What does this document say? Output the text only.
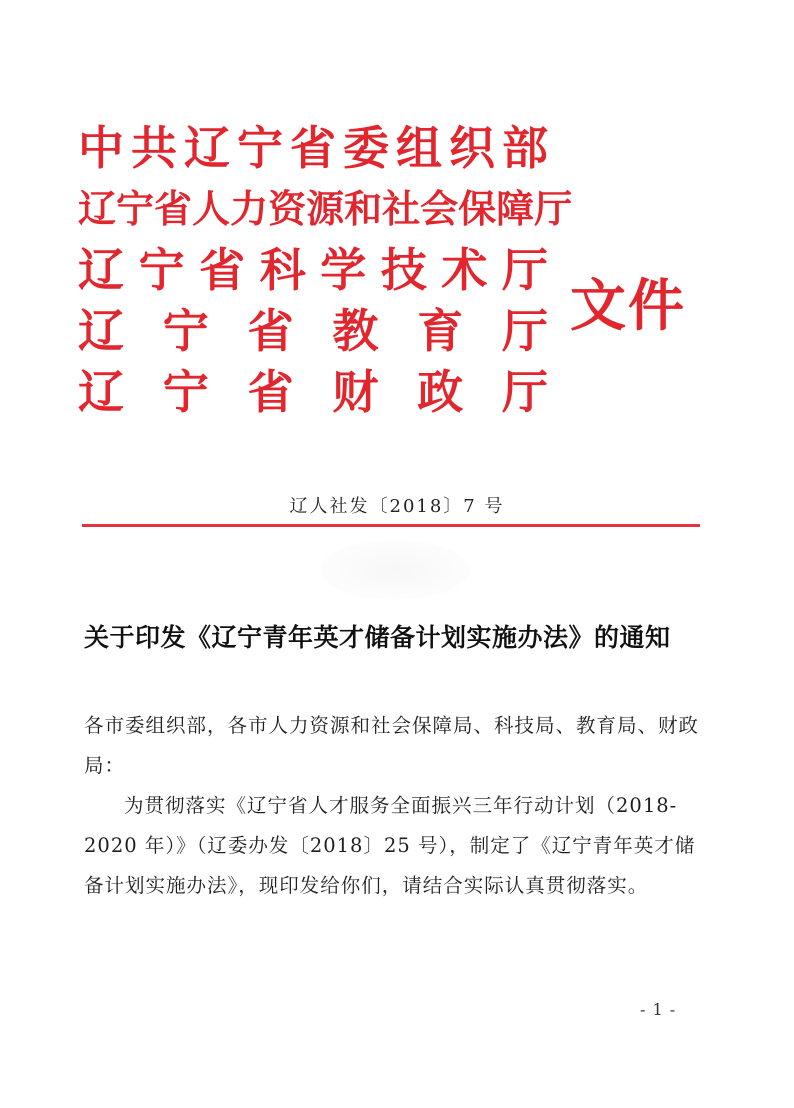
中 共 辽 宁 省 委 组 织 部
辽 宁 省 人 力 资 源 和 社 会 保 障 厅
辽 宁 省 科 学 技 术 厅
辽 宁 省 教 育 厅
辽 宁 省 财 政 厅
文件
辽人社发〔2018〕7 号
关于印发《辽宁青年英才储备计划实施办法》的通知
各市委组织部，各市人力资源和社会保障局、科技局、教育局、财政局：
为贯彻落实《辽宁省人才服务全面振兴三年行动计划（2018-2020 年）》（辽委办发〔2018〕25 号），制定了《辽宁青年英才储备计划实施办法》，现印发给你们，请结合实际认真贯彻落实。
- 1 -
